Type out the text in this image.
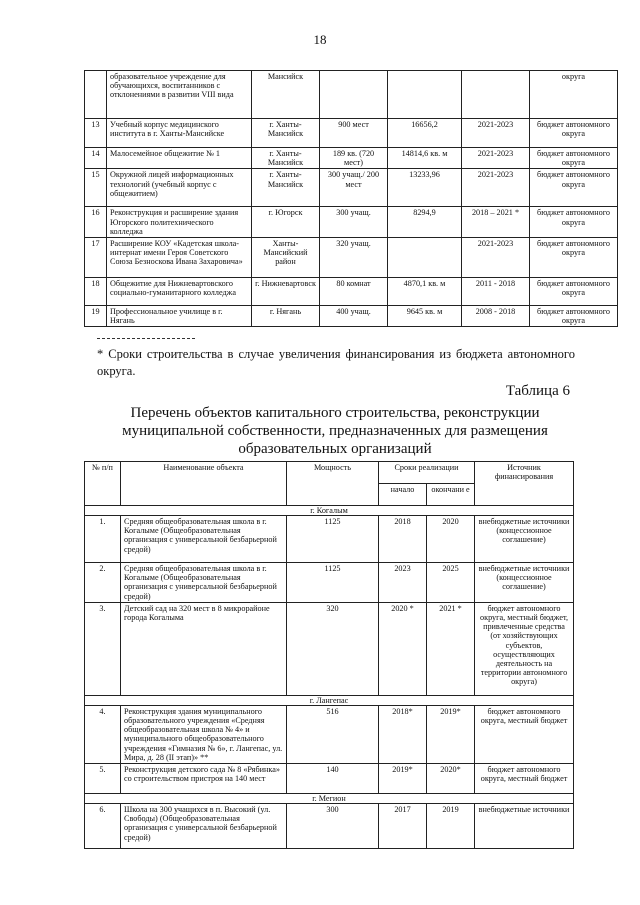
18
	образовательное учреждение для обучающихся, воспитанников с отклонениями в развитии VIII вида	Мансийск				округа
13	Учебный корпус медицинского института в г. Ханты-Мансийске	г. Ханты-Мансийск	900 мест	16656,2	2021-2023	бюджет автономного округа
14	Малосемейное общежитие № 1	г. Ханты-Мансийск	189 кв. (720 мест)	14814,6 кв. м	2021-2023	бюджет автономного округа
15	Окружной лицей информационных технологий (учебный корпус с общежитием)	г. Ханты-Мансийск	300 учащ./ 200 мест	13233,96	2021-2023	бюджет автономного округа
16	Реконструкция и расширение здания Югорского политехнического колледжа	г. Югорск	300 учащ.	8294,9	2018 – 2021 *	бюджет автономного округа
17	Расширение КОУ «Кадетская школа-интернат имени Героя Советского Союза Безноскова Ивана Захаровича»	Ханты-Мансийский район	320 учащ.		2021-2023	бюджет автономного округа
18	Общежитие для Нижневартовского социально-гуманитарного колледжа	г. Нижневартовск	80 комнат	4870,1 кв. м	2011 - 2018	бюджет автономного округа
19	Профессиональное училище в г. Нягань	г. Нягань	400 учащ.	9645 кв. м	2008 - 2018	бюджет автономного округа
* Сроки строительства в случае увеличения финансирования из бюджета автономного округа.
Таблица 6
Перечень объектов капитального строительства, реконструкции муниципальной собственности, предназначенных для размещения образовательных организаций
№ п/п	Наименование объекта	Мощность	Сроки реализации		Источник финансирования
			начало	окончани е	
г. Когалым					
1.	Средняя общеобразовательная школа в г. Когалыме (Общеобразовательная организация с универсальной безбарьерной средой)	1125	2018	2020	внебюджетные источники (концессионное соглашение)
2.	Средняя общеобразовательная школа в г. Когалыме (Общеобразовательная организация с универсальной безбарьерной средой)	1125	2023	2025	внебюджетные источники (концессионное соглашение)
3.	Детский сад на 320 мест в 8 микрорайоне города Когалыма	320	2020 *	2021 *	бюджет автономного округа, местный бюджет, привлеченные средства (от хозяйствующих субъектов, осуществляющих деятельность на территории автономного округа)
г. Лангепас					
4.	Реконструкция здания муниципального образовательного учреждения «Средняя общеобразовательная школа № 4» и муниципального общеобразовательного учреждения «Гимназия № 6», г. Лангепас, ул. Мира, д. 28 (II этап)» **	516	2018*	2019*	бюджет автономного округа, местный бюджет
5.	Реконструкция детского сада № 8 «Рябинка» со строительством пристроя на 140 мест	140	2019*	2020*	бюджет автономного округа, местный бюджет
г. Мегион					
6.	Школа на 300 учащихся в п. Высокий (ул. Свободы) (Общеобразовательная организация с универсальной безбарьерной средой)	300	2017	2019	внебюджетные источники
